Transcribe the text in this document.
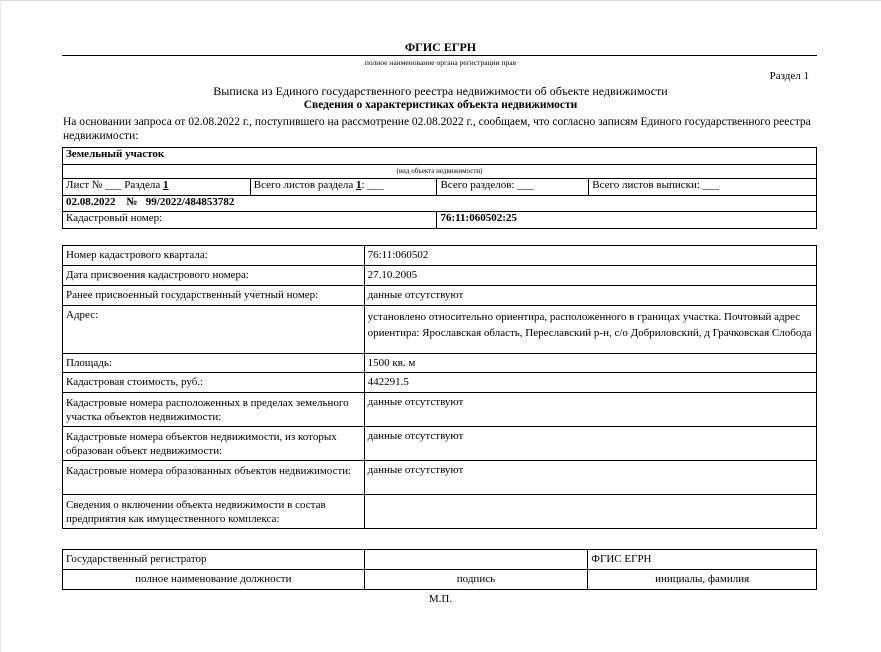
ФГИС ЕГРН
полное наименование органа регистрации прав
Раздел 1
Выписка из Единого государственного реестра недвижимости об объекте недвижимости
Сведения о характеристиках объекта недвижимости
На основании запроса от 02.08.2022 г., поступившего на рассмотрение 02.08.2022 г., сообщаем, что согласно записям Единого государственного реестра недвижимости:
Земельный участок			
(вид объекта недвижимости)			
Лист № ___ Раздела 1	Всего листов раздела 1: ___	Всего разделов: ___	Всего листов выписки: ___
02.08.2022    №   99/2022/484853782			
Кадастровый номер:		76:11:060502:25	
Номер кадастрового квартала:	76:11:060502
Дата присвоения кадастрового номера:	27.10.2005
Ранее присвоенный государственный учетный номер:	данные отсутствуют
Адрес:	установлено относительно ориентира, расположенного в границах участка. Почтовый адрес ориентира: Ярославская область, Переславский р-н, с/о Добриловский, д Грачковская Слобода
Площадь:	1500 кв. м
Кадастровая стоимость, руб.:	442291.5
Кадастровые номера расположенных в пределах земельного участка объектов недвижимости:	данные отсутствуют
Кадастровые номера объектов недвижимости, из которых образован объект недвижимости:	данные отсутствуют
Кадастровые номера образованных объектов недвижимости:	данные отсутствуют
Сведения о включении объекта недвижимости в состав предприятия как имущественного комплекса:	
Государственный регистратор		ФГИС ЕГРН
полное наименование должности	подпись	инициалы, фамилия
М.П.
